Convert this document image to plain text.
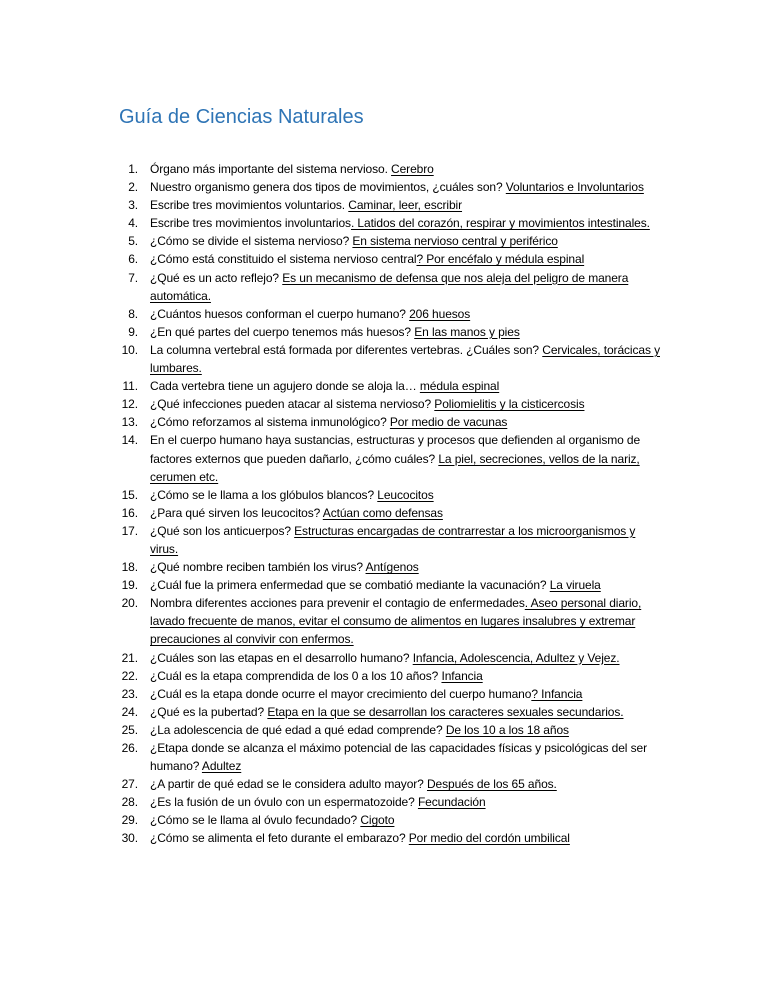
Guía de Ciencias Naturales
1.	Órgano más importante del sistema nervioso. Cerebro
2.	Nuestro organismo genera dos tipos de movimientos, ¿cuáles son? Voluntarios e Involuntarios
3.	Escribe tres movimientos voluntarios. Caminar, leer, escribir
4.	Escribe tres movimientos involuntarios. Latidos del corazón, respirar y movimientos intestinales.
5.	¿Cómo se divide el sistema nervioso? En sistema nervioso central y periférico
6.	¿Cómo está constituido el sistema nervioso central? Por encéfalo y médula espinal
7.	¿Qué es un acto reflejo? Es un mecanismo de defensa que nos aleja del peligro de manera automática.
8.	¿Cuántos huesos conforman el cuerpo humano? 206 huesos
9.	¿En qué partes del cuerpo tenemos más huesos? En las manos y pies
10.	La columna vertebral está formada por diferentes vertebras. ¿Cuáles son? Cervicales, torácicas y lumbares.
11.	Cada vertebra tiene un agujero donde se aloja la… médula espinal
12.	¿Qué infecciones pueden atacar al sistema nervioso? Poliomielitis y la cisticercosis
13.	¿Cómo reforzamos al sistema inmunológico? Por medio de vacunas
14.	En el cuerpo humano haya sustancias, estructuras y procesos que defienden al organismo de factores externos que pueden dañarlo, ¿cómo cuáles? La piel, secreciones, vellos de la nariz, cerumen etc.
15.	¿Cómo se le llama a los glóbulos blancos? Leucocitos
16.	¿Para qué sirven los leucocitos? Actúan como defensas
17.	¿Qué son los anticuerpos? Estructuras encargadas de contrarrestar a los microorganismos y virus.
18.	¿Qué nombre reciben también los virus? Antígenos
19.	¿Cuál fue la primera enfermedad que se combatió mediante la vacunación? La viruela
20.	Nombra diferentes acciones para prevenir el contagio de enfermedades. Aseo personal diario, lavado frecuente de manos, evitar el consumo de alimentos en lugares insalubres y extremar precauciones al convivir con enfermos.
21.	¿Cuáles son las etapas en el desarrollo humano? Infancia, Adolescencia, Adultez y Vejez.
22.	¿Cuál es la etapa comprendida de los 0 a los 10 años? Infancia
23.	¿Cuál es la etapa donde ocurre el mayor crecimiento del cuerpo humano? Infancia
24.	¿Qué es la pubertad? Etapa en la que se desarrollan los caracteres sexuales secundarios.
25.	¿La adolescencia de qué edad a qué edad comprende? De los 10 a los 18 años
26.	¿Etapa donde se alcanza el máximo potencial de las capacidades físicas y psicológicas del ser humano? Adultez
27.	¿A partir de qué edad se le considera adulto mayor? Después de los 65 años.
28.	¿Es la fusión de un óvulo con un espermatozoide? Fecundación
29.	¿Cómo se le llama al óvulo fecundado? Cigoto
30.	¿Cómo se alimenta el feto durante el embarazo? Por medio del cordón umbilical
